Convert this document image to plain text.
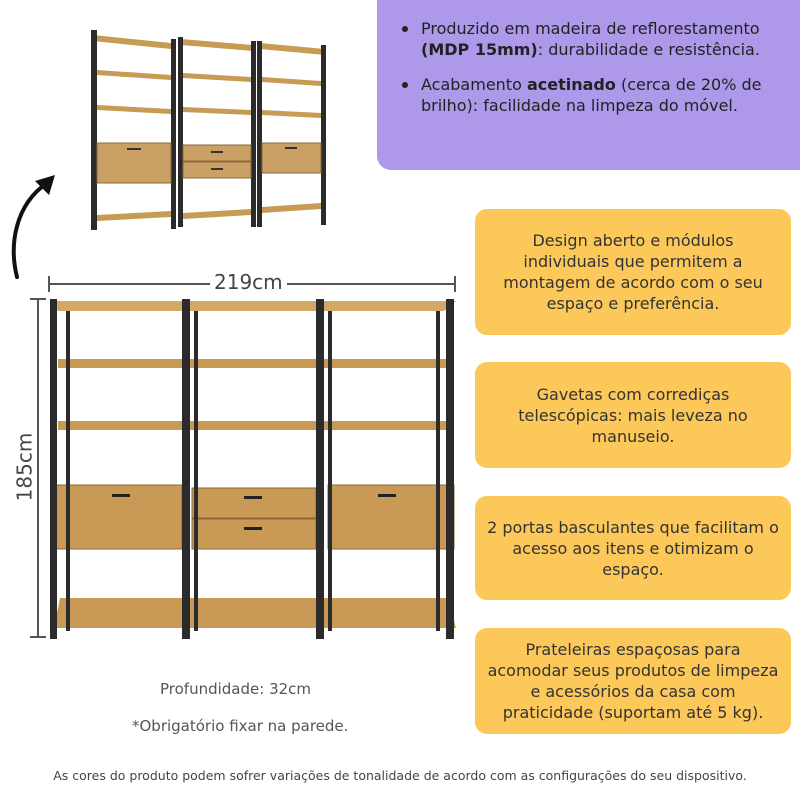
Produzido em madeira de reflorestamento (MDP 15mm): durabilidade e resistência.
Acabamento acetinado (cerca de 20% de brilho): facilidade na limpeza do móvel.
Design aberto e módulos individuais que permitem a montagem de acordo com o seu espaço e preferência.
Gavetas com corrediças telescópicas: mais leveza no manuseio.
2 portas basculantes que facilitam o acesso aos itens e otimizam o espaço.
Prateleiras espaçosas para acomodar seus produtos de limpeza e acessórios da casa com praticidade (suportam até 5 kg).
219cm
185cm
Profundidade: 32cm
*Obrigatório fixar na parede.
As cores do produto podem sofrer variações de tonalidade de acordo com as configurações do seu dispositivo.
